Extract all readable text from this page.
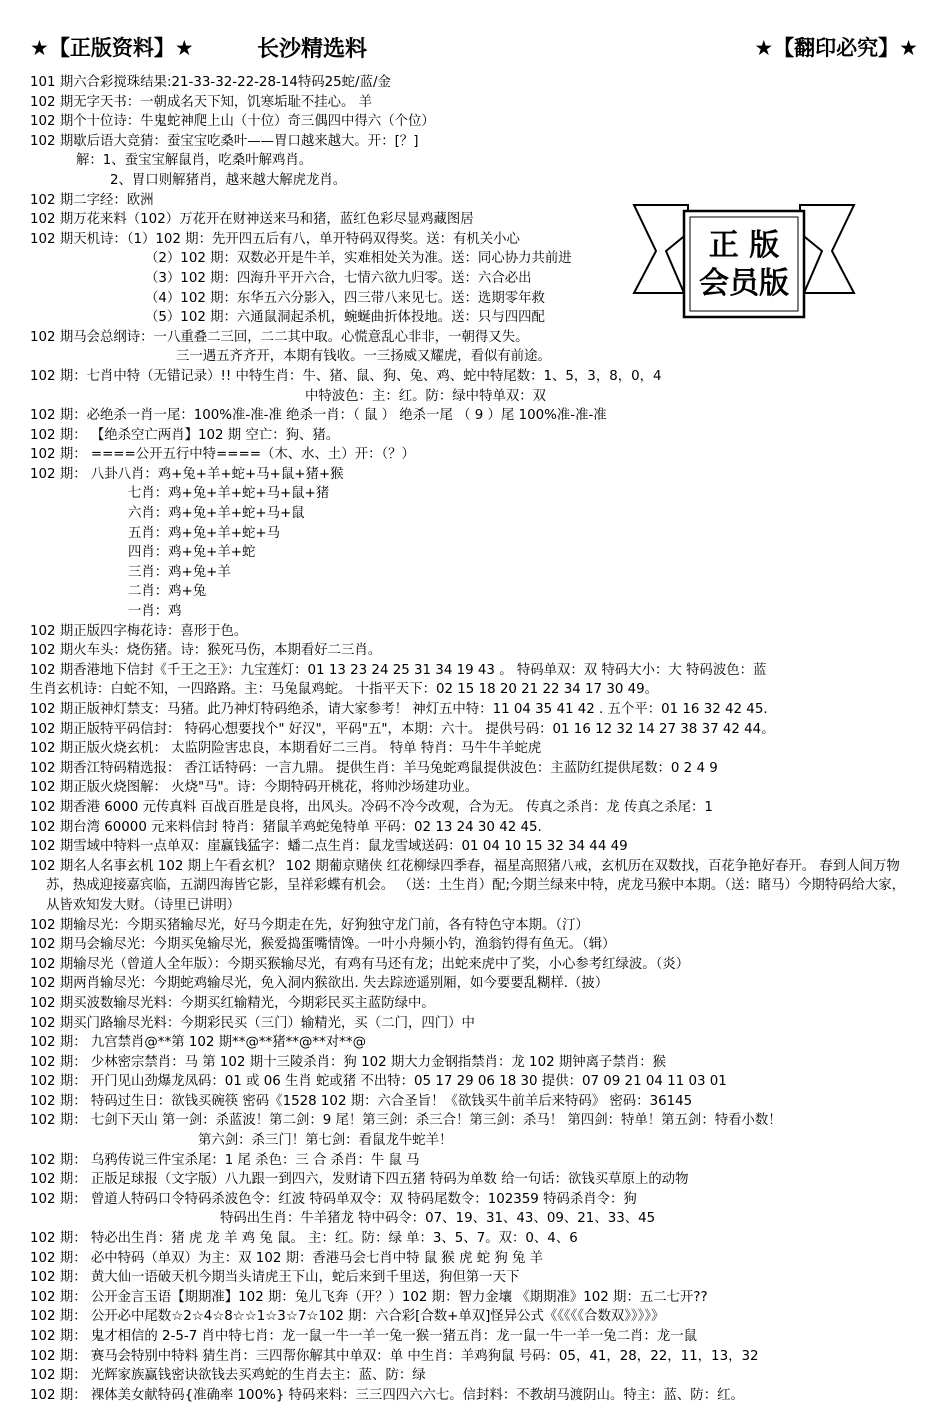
★【正版资料】★	长沙精选料	★【翻印必究】★
正 版
会员版
101 期六合彩搅珠结果:21-33-32-22-28-14特码25蛇/蓝/金
102 期无字天书：一朝成名天下知，饥寒垢耻不挂心。 羊
102 期个十位诗：牛鬼蛇神爬上山（十位）奇三偶四中得六（个位）
102 期歇后语大竞猜：蚕宝宝吃桑叶——胃口越来越大。开：[？]
解：1、蚕宝宝解鼠肖，吃桑叶解鸡肖。
2、胃口则解猪肖，越来越大解虎龙肖。
102 期二字经：欧洲
102 期万花来料（102）万花开在财神送来马和猪，蓝红色彩尽显鸡藏图居
102 期天机诗：（1）102 期：先开四五后有八，单开特码双得奖。送：有机关小心
（2）102 期：双数必开是牛羊，实难相处关为准。送：同心协力共前进
（3）102 期：四海升平开六合，七情六欲九归零。送：六合必出
（4）102 期：东华五六分影入，四三带八来见七。送：选期零年救
（5）102 期：六通鼠洞起杀机，蜿蜒曲折体投地。送：只与四四配
102 期马会总纲诗：一八重叠二三回，二二其中取。心慌意乱心非非，一朝得又失。
三一遇五齐齐开，本期有钱收。一三扬威又耀虎，看似有前途。
102 期：七肖中特（无错记录）!! 中特生肖：牛、猪、鼠、狗、兔、鸡、蛇中特尾数：1、5，3，8，0，4
中特波色：主：红。防：绿中特单双：双
102 期：必绝杀一肖一尾：100%准-准-准 绝杀一肖：（ 鼠 ） 绝杀一尾 （ 9 ）尾 100%准-准-准
102 期： 【绝杀空亡两肖】102 期 空亡：狗、猪。
102 期： ====公开五行中特====（木、水、土）开：（？）
102 期： 八卦八肖：鸡+兔+羊+蛇+马+鼠+猪+猴
七肖：鸡+兔+羊+蛇+马+鼠+猪
六肖：鸡+兔+羊+蛇+马+鼠
五肖：鸡+兔+羊+蛇+马
四肖：鸡+兔+羊+蛇
三肖：鸡+兔+羊
二肖：鸡+兔
一肖：鸡
102 期正版四字梅花诗：喜形于色。
102 期火车头：烧伤猪。诗：猴死马伤，本期看好二三肖。
102 期香港地下信封《千王之王》：九宝莲灯：01 13 23 24 25 31 34 19 43 。 特码单双：双 特码大小：大 特码波色：蓝
生肖玄机诗：白蛇不知，一四路路。主：马兔鼠鸡蛇。 十指平天下：02 15 18 20 21 22 34 17 30 49。
102 期正版神灯禁支：马猪。此乃神灯特码绝杀，请大家参考！ 神灯五中特：11 04 35 41 42 . 五个平：01 16 32 42 45.
102 期正版特平码信封： 特码心想要找个" 好汉"，平码"五"，本期：六十。 提供号码：01 16 12 32 14 27 38 37 42 44。
102 期正版火烧玄机： 太监阴险害忠良，本期看好二三肖。 特单 特肖：马牛牛羊蛇虎
102 期香江特码精选报： 香江话特码：一言九鼎。 提供生肖：羊马兔蛇鸡鼠提供波色：主蓝防红提供尾数：0 2 4 9
102 期正版火烧图解： 火烧"马"。诗：今期特码开桃花，将帅沙场建功业。
102 期香港 6000 元传真料 百战百胜是良将，出风头。冷码不冷今改观，合为无。 传真之杀肖：龙 传真之杀尾：1
102 期台湾 60000 元来料信封 特肖：猪鼠羊鸡蛇兔特单 平码：02 13 24 30 42 45.
102 期雪域中特料一点单双：崖赢钱猛字：蟠二点生肖：鼠龙雪域送码：01 04 10 15 32 34 44 49
102 期名人名事玄机 102 期上午看玄机？ 102 期葡京赌侠 红花柳绿四季春，福星高照猪八戒，玄机历在双数找，百花争艳好春开。 春到人间万物苏，热成迎接嘉宾临，五湖四海皆它影，呈祥彩蝶有机会。 （送：土生肖）配;今期兰绿来中特，虎龙马猴中本期。（送：睹马）今期特码给大家，从皆欢知发大财。（诗里已讲明）
102 期输尽光：今期买猪输尽光，好马今期走在先，好狗独守龙门前，各有特色守本期。（汀）
102 期马会输尽光：今期买兔输尽光，猴爱捣蛋嘴情馋。一叶小舟频小钓，渔翁钓得有鱼无。（辑）
102 期输尽光（曾道人全年版）：今期买猴输尽光，有鸡有马还有龙；出蛇来虎中了奖，小心参考红绿波。（炎）
102 期两肖输尽光：今期蛇鸡输尽光，免入洞内猴欲出. 失去踪迹遥别厢，如今要要乱糊样.（披）
102 期买波数输尽光料：今期买红输精光，今期彩民买主蓝防绿中。
102 期买门路输尽光料：今期彩民买（三门）输精光，买（二门，四门）中
102 期： 九宫禁肖@**第 102 期**@**猪**@**对**@
102 期： 少林密宗禁肖：马 第 102 期十三陵杀肖：狗 102 期大力金钢指禁肖：龙 102 期钟离子禁肖：猴
102 期： 开门见山劲爆龙凤码：01 或 06 生肖 蛇或猪 不出特：05 17 29 06 18 30 提供：07 09 21 04 11 03 01
102 期： 特码过生日：欲钱买碗筷 密码《1528 102 期：六合圣旨！《欲钱买牛前羊后来特码》 密码：36145
102 期： 七剑下天山 第一剑：杀蓝波！第二剑：9 尾！第三剑：杀三合！第三剑：杀马！ 第四剑：特单！第五剑：特看小数！
第六剑：杀三门！第七剑：看鼠龙牛蛇羊！
102 期： 乌鸦传说三件宝杀尾：1 尾 杀色：三 合 杀肖：牛 鼠 马
102 期： 正版足球报（文字版）八九跟一到四六，发财请下四五猪 特码为单数 给一句话：欲钱买草原上的动物
102 期： 曾道人特码口令特码杀波色令：红波 特码单双令：双 特码尾数令：102359 特码杀肖令：狗
特码出生肖：牛羊猪龙 特中码令：07、19、31、43、09、21、33、45
102 期： 特必出生肖：猪 虎 龙 羊 鸡 兔 鼠。 主：红。防：绿 单：3、5、7。双：0、4、6
102 期： 必中特码（单双）为主：双 102 期：香港马会七肖中特 鼠 猴 虎 蛇 狗 兔 羊
102 期： 黄大仙一语破天机今期当头请虎王下山，蛇后来到千里送，狗但第一天下
102 期： 公开金言玉语【期期准】102 期：兔儿飞奔（开？）102 期：智力金壤 《期期准》102 期：五二七开??
102 期： 公开必中尾数☆2☆4☆8☆☆1☆3☆7☆102 期：六合彩[合数+单双]怪异公式《《《《《合数双》》》》》
102 期： 鬼才相信的 2-5-7 肖中特七肖：龙一鼠一牛一羊一兔一猴一猪五肖：龙一鼠一牛一羊一兔二肖：龙一鼠
102 期： 赛马会特别中特料 猜生肖：三四帮你解其中单双：单 中生肖：羊鸡狗鼠 号码：05，41，28，22，11，13，32
102 期： 光辉家族赢钱密诀欲钱去买鸡蛇的生肖去主：蓝、防：绿
102 期： 裸体美女献特码{准确率 100%} 特码来料：三三四四六六七。信封料：不教胡马渡阴山。特主：蓝、防：红。
